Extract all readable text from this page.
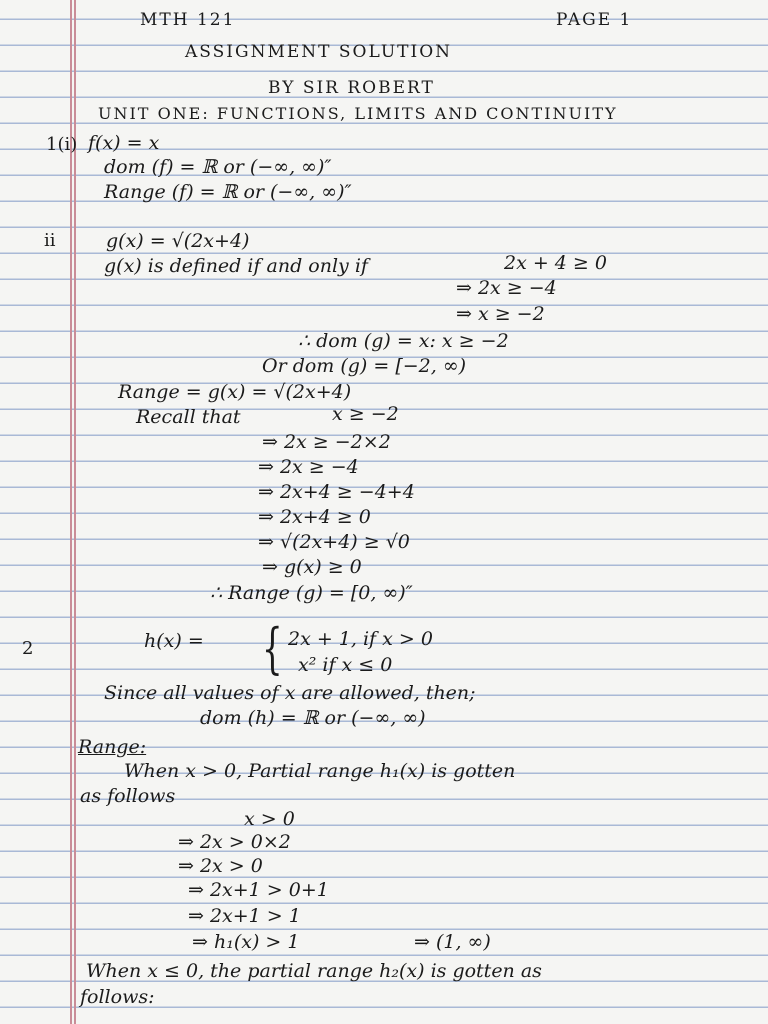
MTH 121	PAGE 1
ASSIGNMENT SOLUTION
BY SIR ROBERT
UNIT ONE: FUNCTIONS, LIMITS AND CONTINUITY
1(i) f(x) = x
dom (f) = ℝ or (−∞, ∞)″
Range (f) = ℝ or (−∞, ∞)″
ii	g(x) = √(2x+4)
g(x) is defined if and only if	2x + 4 ≥ 0
⇒ 2x ≥ −4
⇒ x ≥ −2
∴ dom (g) = x: x ≥ −2
Or dom (g) = [−2, ∞)
Range = g(x) = √(2x+4)
Recall that	x ≥ −2
⇒ 2x ≥ −2×2
⇒ 2x ≥ −4
⇒ 2x+4 ≥ −4+4
⇒ 2x+4 ≥ 0
⇒ √(2x+4) ≥ √0
⇒ g(x) ≥ 0
∴ Range (g) = [0, ∞)″
2	h(x) = { 2x + 1, if x > 0
x² if x ≤ 0
Since all values of x are allowed, then;
dom (h) = ℝ or (−∞, ∞)
Range:
When x > 0, Partial range h₁(x) is gotten
as follows
x > 0
⇒ 2x > 0×2
⇒ 2x > 0
⇒ 2x+1 > 0+1
⇒ 2x+1 > 1
⇒ h₁(x) > 1	⇒ (1, ∞)
When x ≤ 0, the partial range h₂(x) is gotten as
follows:
